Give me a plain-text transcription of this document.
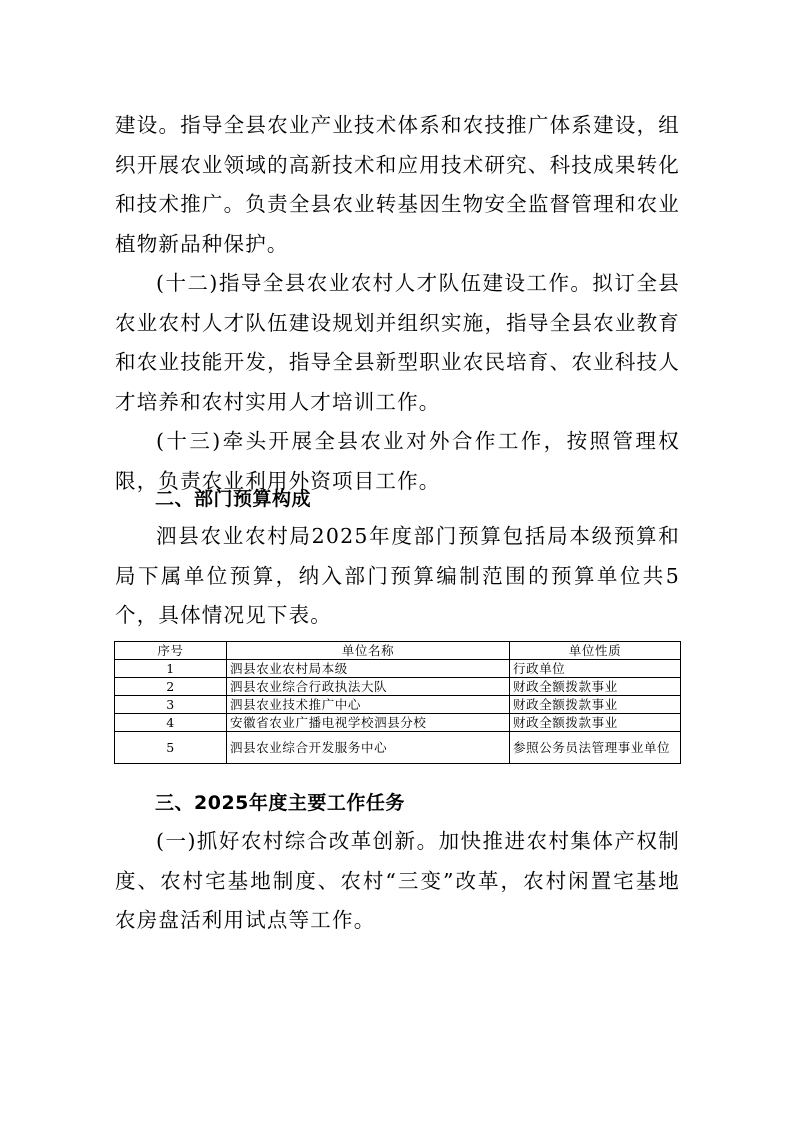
建设。指导全县农业产业技术体系和农技推广体系建设，组织开展农业领域的高新技术和应用技术研究、科技成果转化和技术推广。负责全县农业转基因生物安全监督管理和农业植物新品种保护。

(十二)指导全县农业农村人才队伍建设工作。拟订全县农业农村人才队伍建设规划并组织实施，指导全县农业教育和农业技能开发，指导全县新型职业农民培育、农业科技人才培养和农村实用人才培训工作。

(十三)牵头开展全县农业对外合作工作，按照管理权限，负责农业利用外资项目工作。

二、部门预算构成

泗县农业农村局2025年度部门预算包括局本级预算和局下属单位预算，纳入部门预算编制范围的预算单位共5个，具体情况见下表。

序号	单位名称	单位性质
1	泗县农业农村局本级	行政单位
2	泗县农业综合行政执法大队	财政全额拨款事业
3	泗县农业技术推广中心	财政全额拨款事业
4	安徽省农业广播电视学校泗县分校	财政全额拨款事业
5	泗县农业综合开发服务中心	参照公务员法管理事业单位
三、2025年度主要工作任务

(一)抓好农村综合改革创新。加快推进农村集体产权制度、农村宅基地制度、农村“三变”改革，农村闲置宅基地农房盘活利用试点等工作。
